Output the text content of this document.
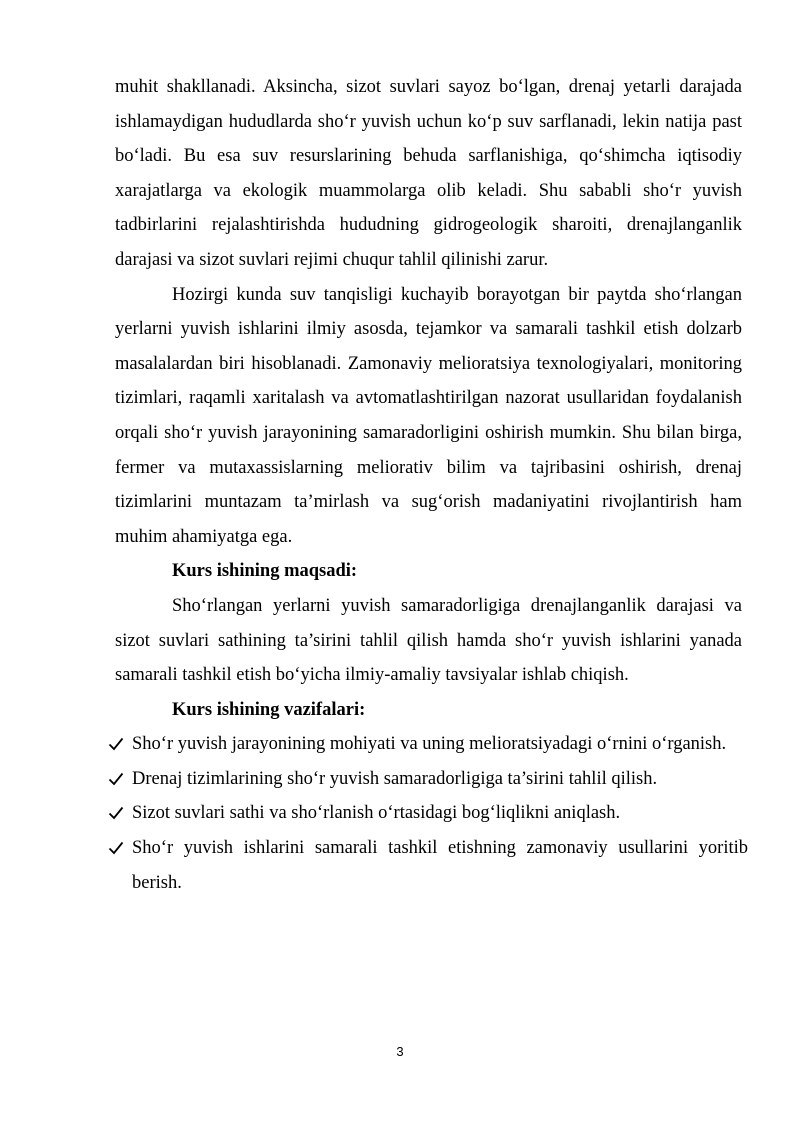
muhit shakllanadi. Aksincha, sizot suvlari sayoz bo‘lgan, drenaj yetarli darajada ishlamaydigan hududlarda sho‘r yuvish uchun ko‘p suv sarflanadi, lekin natija past bo‘ladi. Bu esa suv resurslarining behuda sarflanishiga, qo‘shimcha iqtisodiy xarajatlarga va ekologik muammolarga olib keladi. Shu sababli sho‘r yuvish tadbirlarini rejalashtirishda hududning gidrogeologik sharoiti, drenajlanganlik darajasi va sizot suvlari rejimi chuqur tahlil qilinishi zarur.

Hozirgi kunda suv tanqisligi kuchayib borayotgan bir paytda sho‘rlangan yerlarni yuvish ishlarini ilmiy asosda, tejamkor va samarali tashkil etish dolzarb masalalardan biri hisoblanadi. Zamonaviy melioratsiya texnologiyalari, monitoring tizimlari, raqamli xaritalash va avtomatlashtirilgan nazorat usullaridan foydalanish orqali sho‘r yuvish jarayonining samaradorligini oshirish mumkin. Shu bilan birga, fermer va mutaxassislarning meliorativ bilim va tajribasini oshirish, drenaj tizimlarini muntazam ta’mirlash va sug‘orish madaniyatini rivojlantirish ham muhim ahamiyatga ega.

Kurs ishining maqsadi:

Sho‘rlangan yerlarni yuvish samaradorligiga drenajlanganlik darajasi va sizot suvlari sathining ta’sirini tahlil qilish hamda sho‘r yuvish ishlarini yanada samarali tashkil etish bo‘yicha ilmiy-amaliy tavsiyalar ishlab chiqish.

Kurs ishining vazifalari:
Sho‘r yuvish jarayonining mohiyati va uning melioratsiyadagi o‘rnini o‘rganish.
Drenaj tizimlarining sho‘r yuvish samaradorligiga ta’sirini tahlil qilish.
Sizot suvlari sathi va sho‘rlanish o‘rtasidagi bog‘liqlikni aniqlash.
Sho‘r yuvish ishlarini samarali tashkil etishning zamonaviy usullarini yoritib berish.
3
